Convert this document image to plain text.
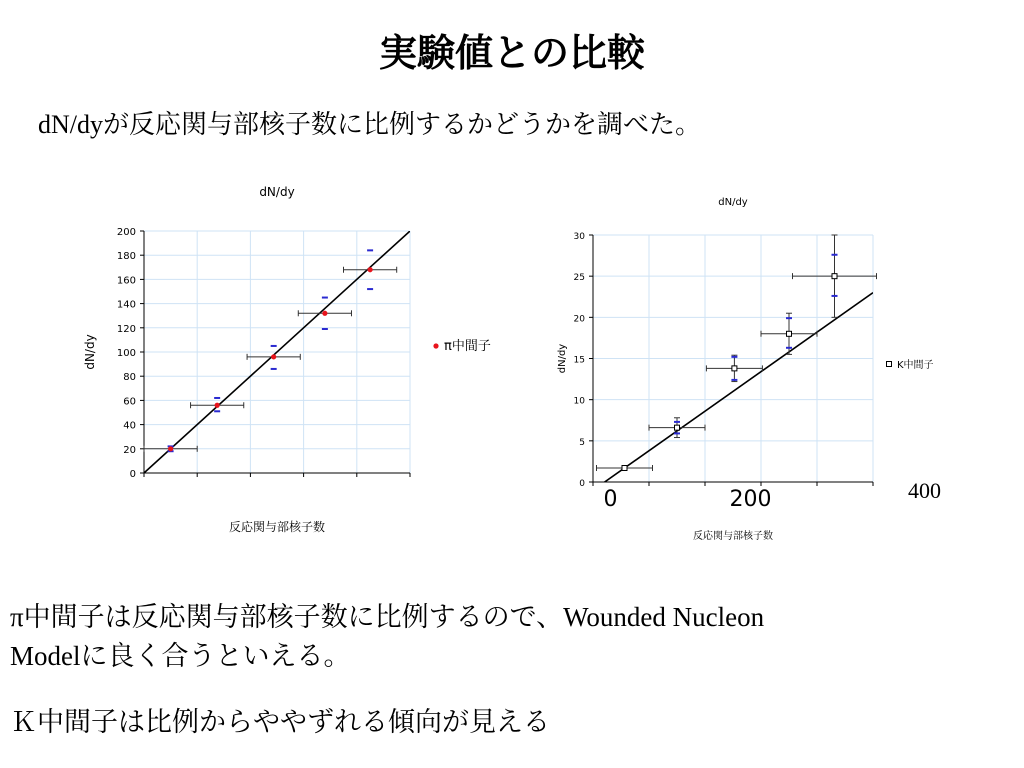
実験値との比較
dN/dyが反応関与部核子数に比例するかどうかを調べた。
dN/dy
0
20
40
60
80
100
120
140
160
180
200
反応関与部核子数
dN/dy	π中間子
dN/dy
0
5
10
15
20
25
30
0	200
反応関与部核子数
dN/dy	K中間子
400
π中間子は反応関与部核子数に比例するので、Wounded Nucleon
Modelに良く合うといえる。
Ｋ中間子は比例からややずれる傾向が見える
